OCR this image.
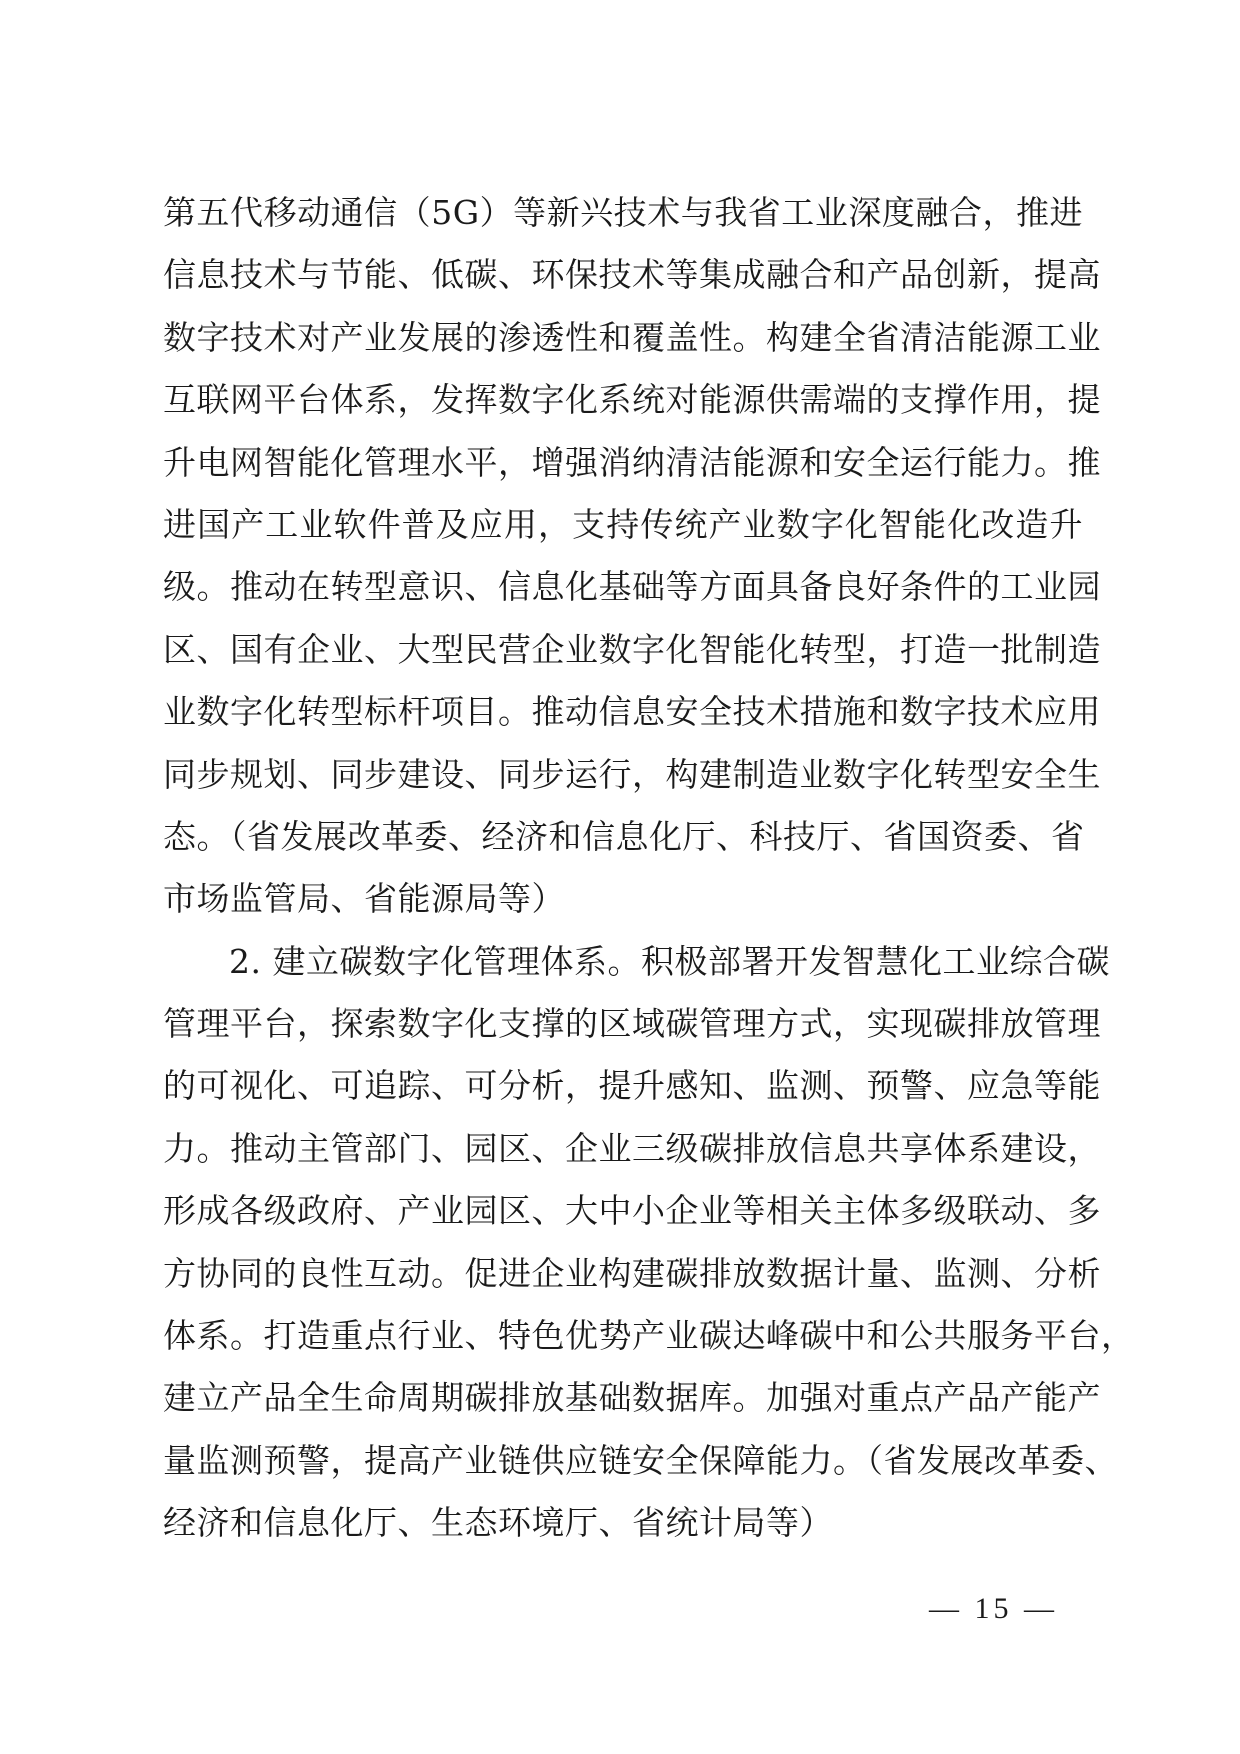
第五代移动通信（5G）等新兴技术与我省工业深度融合，推进
信息技术与节能、低碳、环保技术等集成融合和产品创新，提高
数字技术对产业发展的渗透性和覆盖性。构建全省清洁能源工业
互联网平台体系，发挥数字化系统对能源供需端的支撑作用，提
升电网智能化管理水平，增强消纳清洁能源和安全运行能力。推
进国产工业软件普及应用，支持传统产业数字化智能化改造升
级。推动在转型意识、信息化基础等方面具备良好条件的工业园
区、国有企业、大型民营企业数字化智能化转型，打造一批制造
业数字化转型标杆项目。推动信息安全技术措施和数字技术应用
同步规划、同步建设、同步运行，构建制造业数字化转型安全生
态。（省发展改革委、经济和信息化厅、科技厅、省国资委、省
市场监管局、省能源局等）
2. 建立碳数字化管理体系。积极部署开发智慧化工业综合碳
管理平台，探索数字化支撑的区域碳管理方式，实现碳排放管理
的可视化、可追踪、可分析，提升感知、监测、预警、应急等能
力。推动主管部门、园区、企业三级碳排放信息共享体系建设，
形成各级政府、产业园区、大中小企业等相关主体多级联动、多
方协同的良性互动。促进企业构建碳排放数据计量、监测、分析
体系。打造重点行业、特色优势产业碳达峰碳中和公共服务平台，
建立产品全生命周期碳排放基础数据库。加强对重点产品产能产
量监测预警，提高产业链供应链安全保障能力。（省发展改革委、
经济和信息化厅、生态环境厅、省统计局等）
— 15 —
